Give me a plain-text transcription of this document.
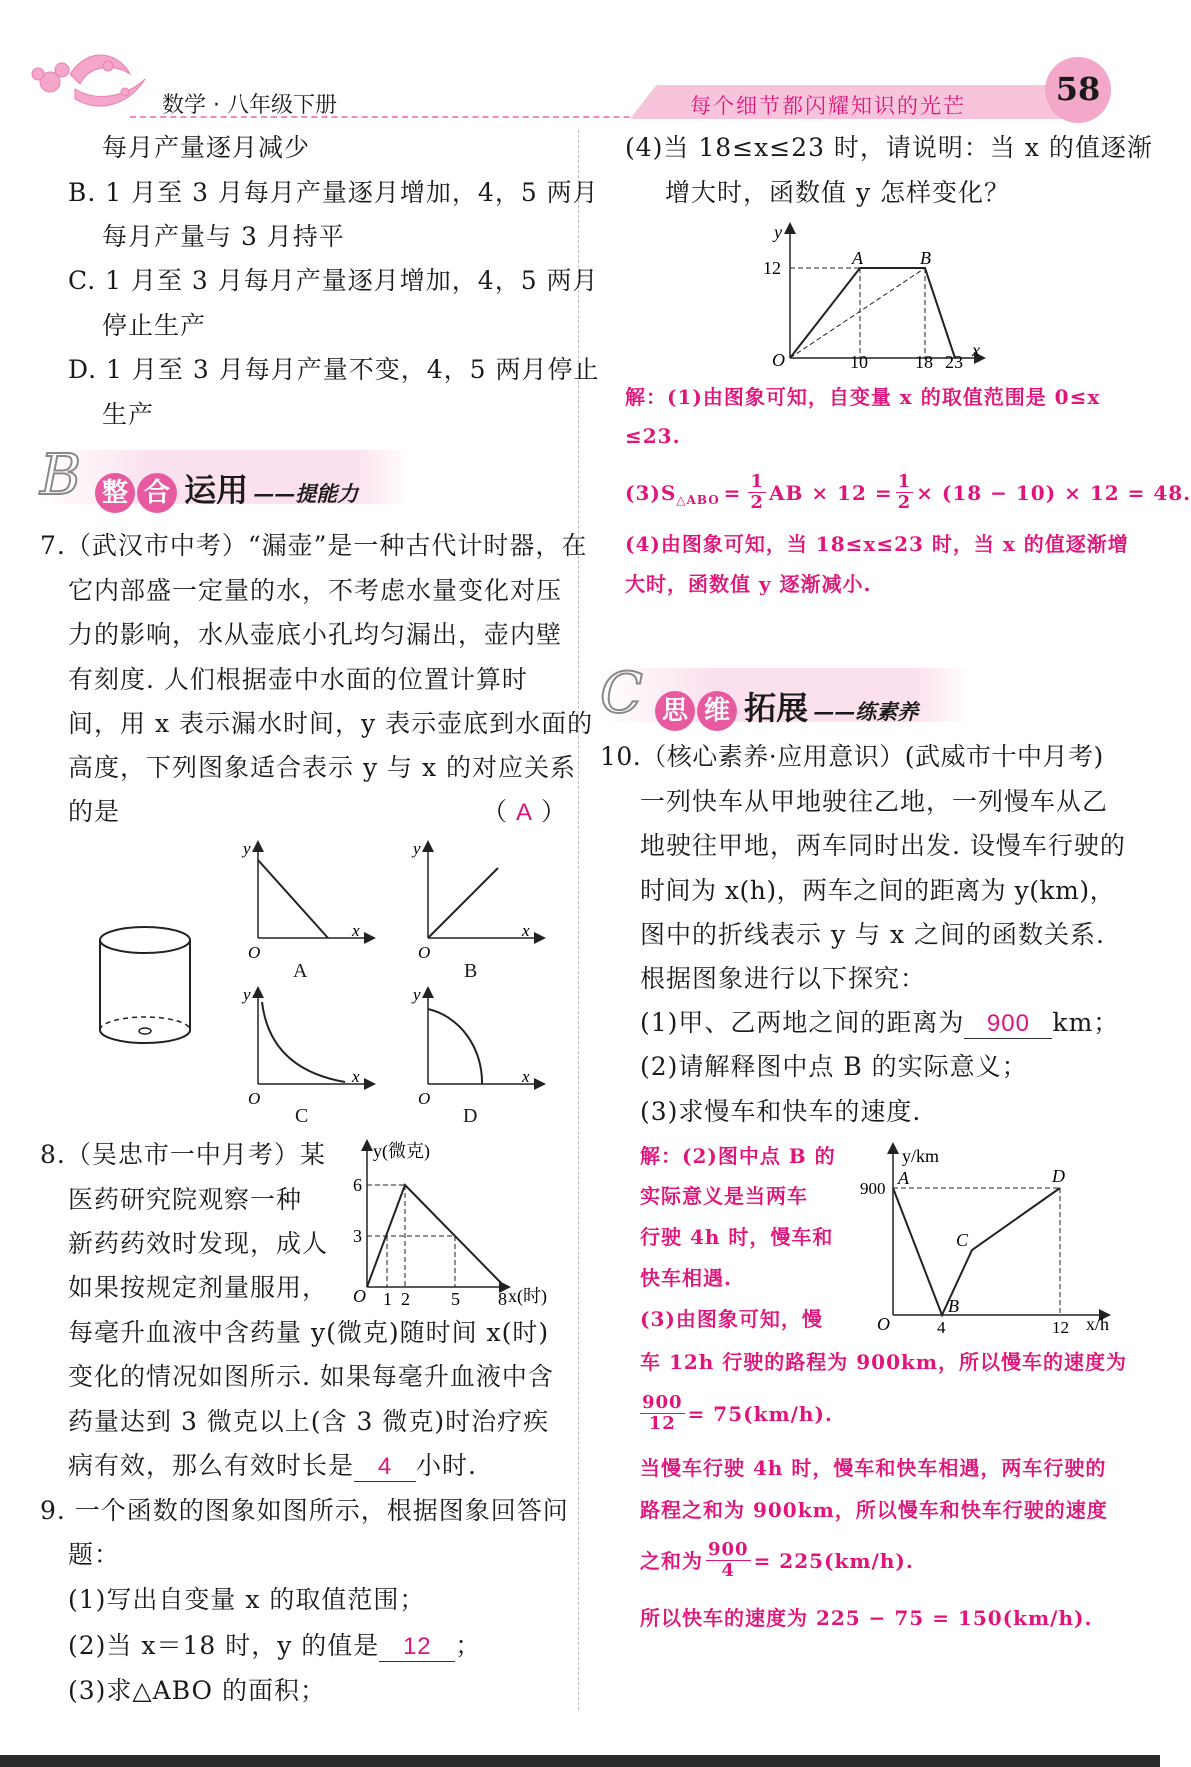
数学 · 八年级下册	每个细节都闪耀知识的光芒	58
每月产量逐月减少
B. 1 月至 3 月每月产量逐月增加，4，5 两月
每月产量与 3 月持平
C. 1 月至 3 月每月产量逐月增加，4，5 两月
停止生产
D. 1 月至 3 月每月产量不变，4，5 两月停止
生产
B 整 合 运用 ——提能力
7.（武汉市中考）“漏壶”是一种古代计时器，在
它内部盛一定量的水，不考虑水量变化对压
力的影响，水从壶底小孔均匀漏出，壶内壁
有刻度. 人们根据壶中水面的位置计算时
间，用 x 表示漏水时间，y 表示壶底到水面的
高度，下列图象适合表示 y 与 x 的对应关系
的是	（ A ）
y
x
O
A
y
x
O
B
y
x
O
C
y
x
O
D
8.（吴忠市一中月考）某
医药研究院观察一种
新药药效时发现，成人
如果按规定剂量服用，
每毫升血液中含药量 y(微克)随时间 x(时)
变化的情况如图所示. 如果每毫升血液中含
药量达到 3 微克以上(含 3 微克)时治疗疾
病有效，那么有效时长是 4 小时.
y(微克)
x(时)
O
6
3
1 2 5 8
9. 一个函数的图象如图所示，根据图象回答问
题：
(1)写出自变量 x 的取值范围；
(2)当 x＝18 时，y 的值是 12 ；
(3)求△ABO 的面积；
(4)当 18≤x≤23 时，请说明：当 x 的值逐渐
增大时，函数值 y 怎样变化？
y
x
O
A	B
12
10	18 23
解：(1)由图象可知，自变量 x 的取值范围是 0≤x
≤23.
(3)S △ABO = $\frac{1}{2}$ AB × $12 = \frac{1}{2} \times (18 - 10) \times 12 = 48$.
(4)由图象可知，当 18≤x≤23 时，当 x 的值逐渐增
大时，函数值 y 逐渐减小.
C 思 维 拓展 ——练素养
10.（核心素养·应用意识）(武威市十中月考)
一列快车从甲地驶往乙地，一列慢车从乙
地驶往甲地，两车同时出发. 设慢车行驶的
时间为 x(h)，两车之间的距离为 y(km)，
图中的折线表示 y 与 x 之间的函数关系.
根据图象进行以下探究：
(1)甲、乙两地之间的距离为 900 km；
(2)请解释图中点 B 的实际意义；
(3)求慢车和快车的速度.
解：(2)图中点 B 的
实际意义是当两车
行驶 4h 时，慢车和
快车相遇.
(3)由图象可知，慢
y/km
x/h
O
900
4	12
A
B
C
D
车 12h 行驶的路程为 900km，所以慢车的速度为
$\frac{900}{12} = 75(km/h)$.
当慢车行驶 4h 时，慢车和快车相遇，两车行驶的
路程之和为 900km，所以慢车和快车行驶的速度
之和为 $\frac{900}{4} = 225(km/h)$.
所以快车的速度为 225 − 75 = 150(km/h).
